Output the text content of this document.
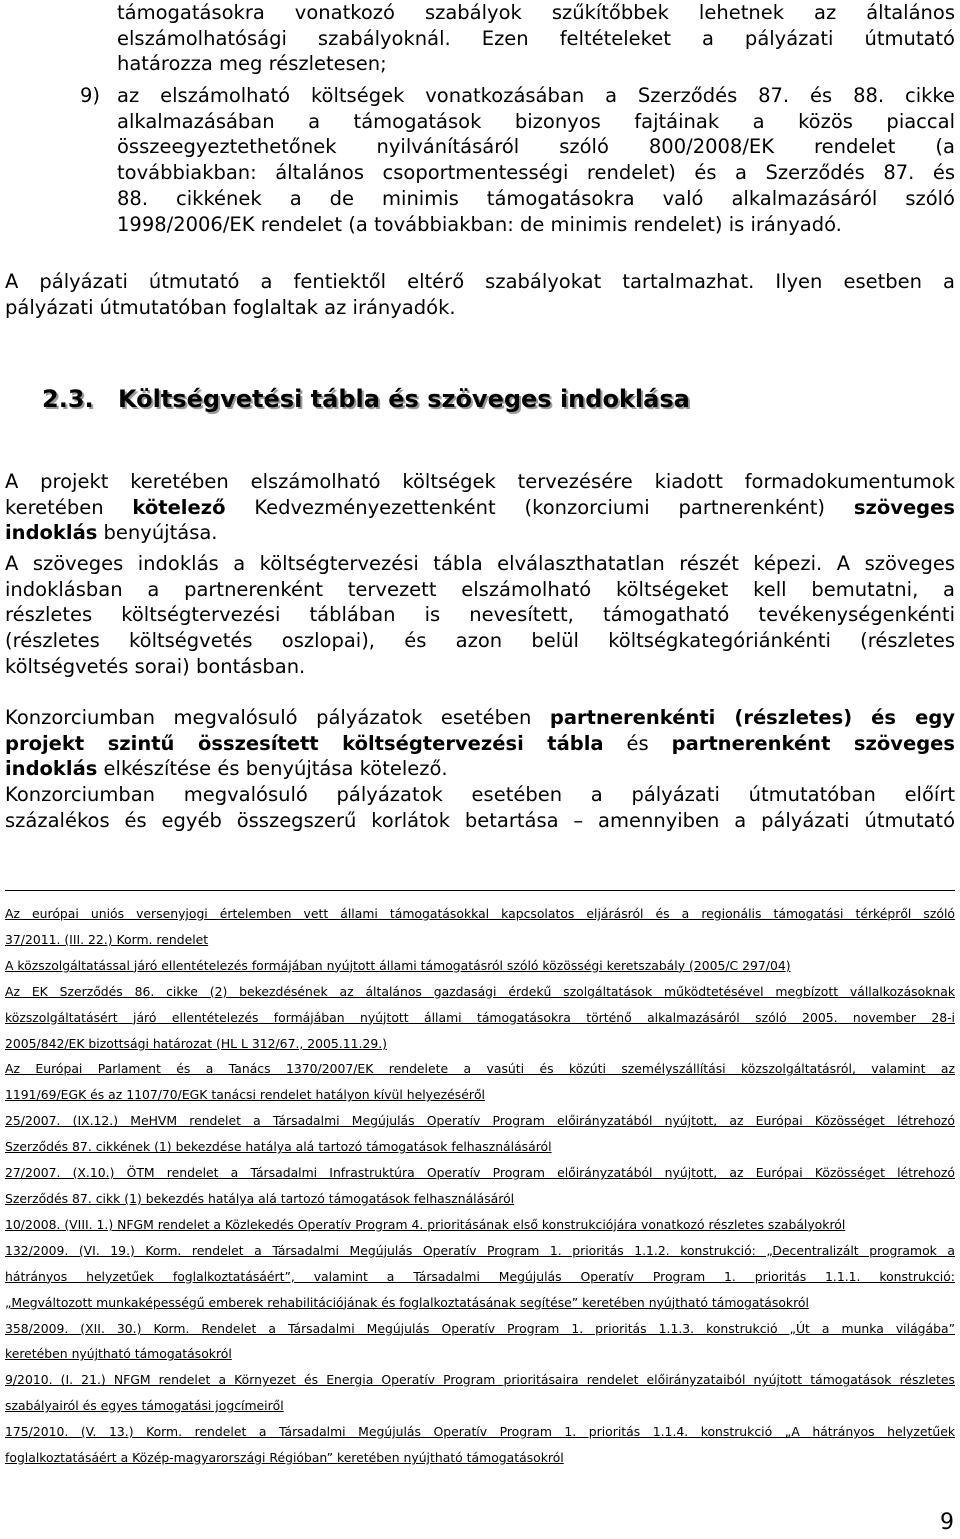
támogatásokra vonatkozó szabályok szűkítőbbek lehetnek az általános

elszámolhatósági szabályoknál. Ezen feltételeket a pályázati útmutató

határozza meg részletesen;

9) az elszámolható költségek vonatkozásában a Szerződés 87. és 88. cikke

alkalmazásában a támogatások bizonyos fajtáinak a közös piaccal

összeegyeztethetőnek nyilvánításáról szóló 800/2008/EK rendelet (a

továbbiakban: általános csoportmentességi rendelet) és a Szerződés 87. és

88. cikkének a de minimis támogatásokra való alkalmazásáról szóló

1998/2006/EK rendelet (a továbbiakban: de minimis rendelet) is irányadó.

A pályázati útmutató a fentiektől eltérő szabályokat tartalmazhat. Ilyen esetben a

pályázati útmutatóban foglaltak az irányadók.

2.3. Költségvetési tábla és szöveges indoklása

A projekt keretében elszámolható költségek tervezésére kiadott formadokumentumok

keretében kötelező Kedvezményezettenként (konzorciumi partnerenként) szöveges

indoklás benyújtása.

A szöveges indoklás a költségtervezési tábla elválaszthatatlan részét képezi. A szöveges

indoklásban a partnerenként tervezett elszámolható költségeket kell bemutatni, a

részletes költségtervezési táblában is nevesített, támogatható tevékenységenkénti

(részletes költségvetés oszlopai), és azon belül költségkategóriánkénti (részletes

költségvetés sorai) bontásban.

Konzorciumban megvalósuló pályázatok esetében partnerenkénti (részletes) és egy

projekt szintű összesített költségtervezési tábla és partnerenként szöveges

indoklás elkészítése és benyújtása kötelező.

Konzorciumban megvalósuló pályázatok esetében a pályázati útmutatóban előírt

százalékos és egyéb összegszerű korlátok betartása – amennyiben a pályázati útmutató

Az európai uniós versenyjogi értelemben vett állami támogatásokkal kapcsolatos eljárásról és a regionális támogatási térképről szóló

37/2011. (III. 22.) Korm. rendelet

A közszolgáltatással járó ellentételezés formájában nyújtott állami támogatásról szóló közösségi keretszabály (2005/C 297/04)

Az EK Szerződés 86. cikke (2) bekezdésének az általános gazdasági érdekű szolgáltatások működtetésével megbízott vállalkozásoknak

közszolgáltatásért járó ellentételezés formájában nyújtott állami támogatásokra történő alkalmazásáról szóló 2005. november 28-i

2005/842/EK bizottsági határozat (HL L 312/67., 2005.11.29.)

Az Európai Parlament és a Tanács 1370/2007/EK rendelete a vasúti és közúti személyszállítási közszolgáltatásról, valamint az

1191/69/EGK és az 1107/70/EGK tanácsi rendelet hatályon kívül helyezéséről

25/2007. (IX.12.) MeHVM rendelet a Társadalmi Megújulás Operatív Program előirányzatából nyújtott, az Európai Közösséget létrehozó

Szerződés 87. cikkének (1) bekezdése hatálya alá tartozó támogatások felhasználásáról

27/2007. (X.10.) ÖTM rendelet a Társadalmi Infrastruktúra Operatív Program előirányzatából nyújtott, az Európai Közösséget létrehozó

Szerződés 87. cikk (1) bekezdés hatálya alá tartozó támogatások felhasználásáról

10/2008. (VIII. 1.) NFGM rendelet a Közlekedés Operatív Program 4. prioritásának első konstrukciójára vonatkozó részletes szabályokról

132/2009. (VI. 19.) Korm. rendelet a Társadalmi Megújulás Operatív Program 1. prioritás 1.1.2. konstrukció: „Decentralizált programok a

hátrányos helyzetűek foglalkoztatásáért”, valamint a Társadalmi Megújulás Operatív Program 1. prioritás 1.1.1. konstrukció:

„Megváltozott munkaképességű emberek rehabilitációjának és foglalkoztatásának segítése” keretében nyújtható támogatásokról

358/2009. (XII. 30.) Korm. Rendelet a Társadalmi Megújulás Operatív Program 1. prioritás 1.1.3. konstrukció „Út a munka világába”

keretében nyújtható támogatásokról

9/2010. (I. 21.) NFGM rendelet a Környezet és Energia Operatív Program prioritásaira rendelet előirányzataiból nyújtott támogatások részletes

szabályairól és egyes támogatási jogcímeiről

175/2010. (V. 13.) Korm. rendelet a Társadalmi Megújulás Operatív Program 1. prioritás 1.1.4. konstrukció „A hátrányos helyzetűek

foglalkoztatásáért a Közép-magyarországi Régióban” keretében nyújtható támogatásokról

9
